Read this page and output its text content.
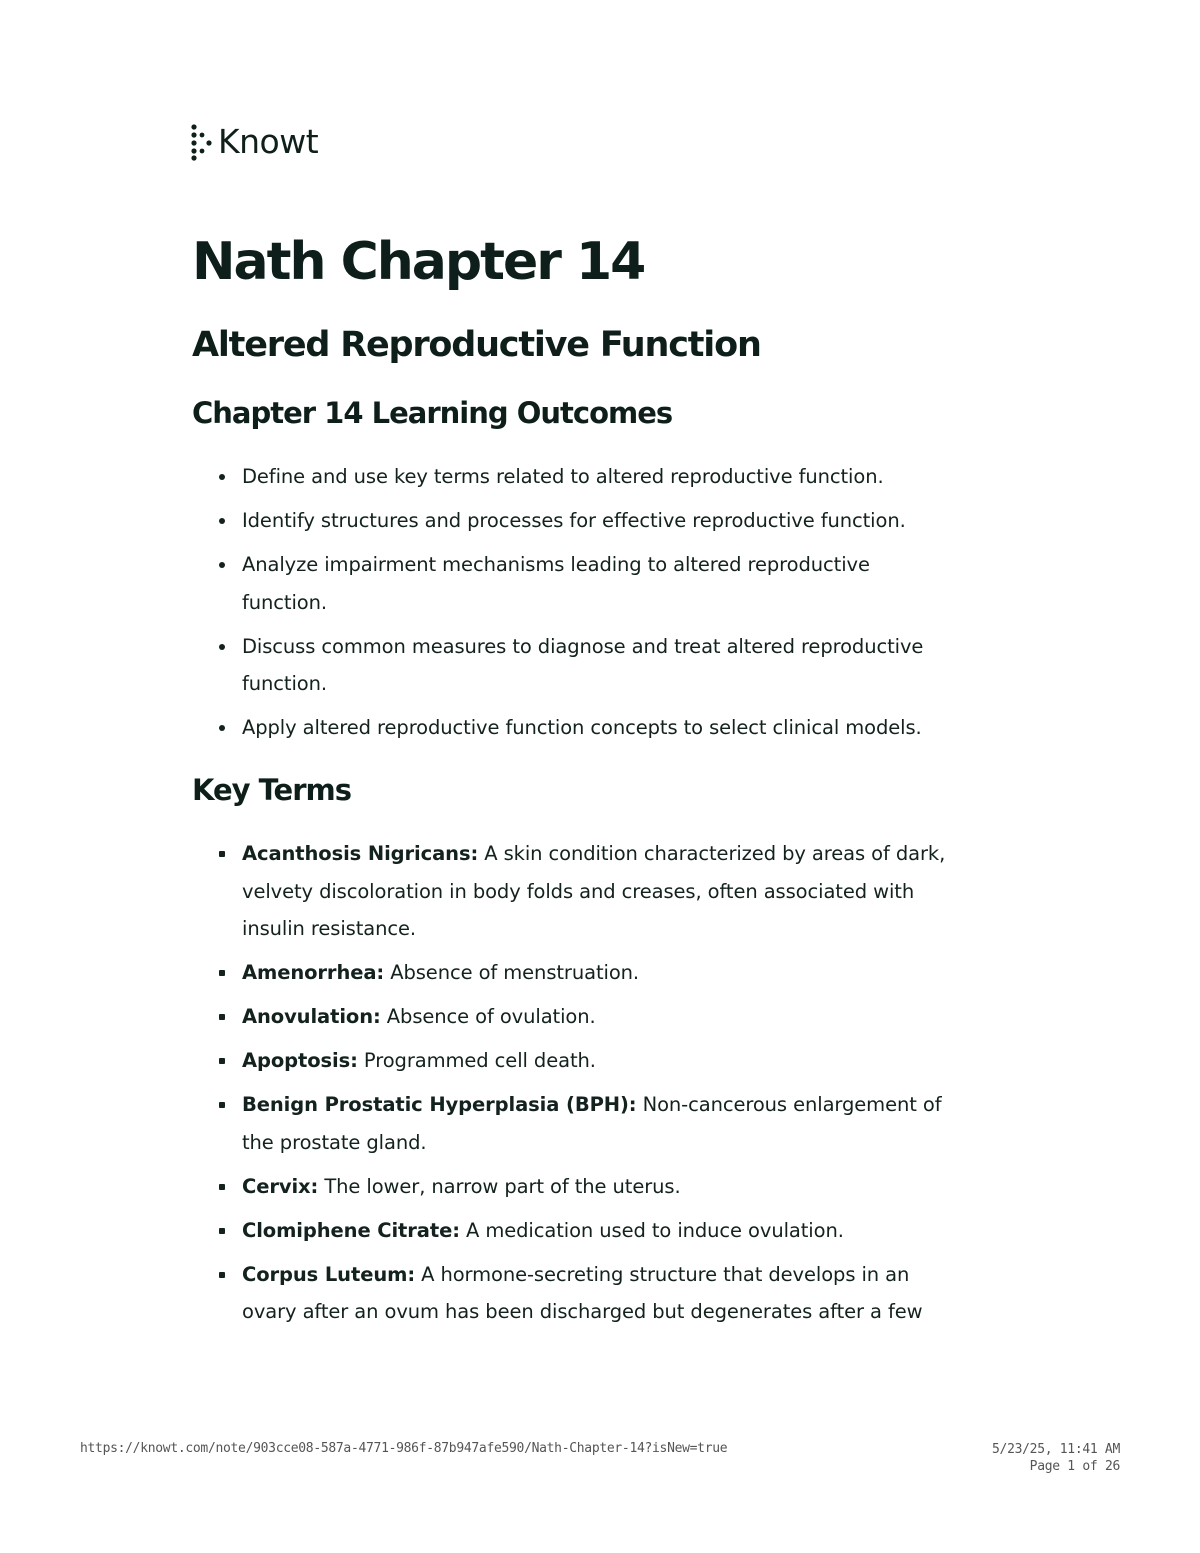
Knowt
Nath Chapter 14
Altered Reproductive Function
Chapter 14 Learning Outcomes
Define and use key terms related to altered reproductive function.
Identify structures and processes for effective reproductive function.
Analyze impairment mechanisms leading to altered reproductive function.
Discuss common measures to diagnose and treat altered reproductive function.
Apply altered reproductive function concepts to select clinical models.
Key Terms
Acanthosis Nigricans: A skin condition characterized by areas of dark, velvety discoloration in body folds and creases, often associated with insulin resistance.
Amenorrhea: Absence of menstruation.
Anovulation: Absence of ovulation.
Apoptosis: Programmed cell death.
Benign Prostatic Hyperplasia (BPH): Non-cancerous enlargement of the prostate gland.
Cervix: The lower, narrow part of the uterus.
Clomiphene Citrate: A medication used to induce ovulation.
Corpus Luteum: A hormone-secreting structure that develops in an ovary after an ovum has been discharged but degenerates after a few
https://knowt.com/note/903cce08-587a-4771-986f-87b947afe590/Nath-Chapter-14?isNew=true	5/23/25, 11:41 AM
Page 1 of 26
